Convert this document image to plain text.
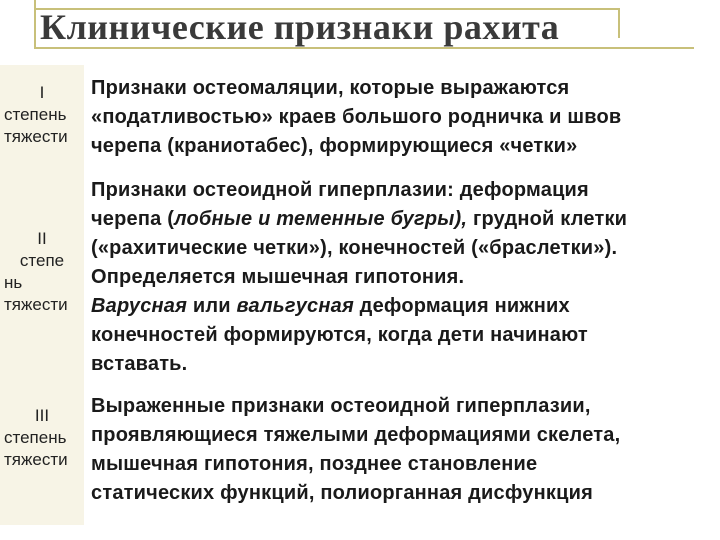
Клинические признаки рахита
I
степень
тяжести
Признаки остеомаляции, которые выражаются
«податливостью» краев большого родничка и швов
черепа (краниотабес), формирующиеся «четки»
II
степе
нь
тяжести
Признаки остеоидной гиперплазии: деформация
черепа (лобные и теменные бугры), грудной клетки
(«рахитические четки»), конечностей («браслетки»).
Определяется мышечная гипотония.
Варусная или вальгусная деформация нижних
конечностей формируются, когда дети начинают
вставать.
III
степень
тяжести
Выраженные признаки остеоидной гиперплазии,
проявляющиеся тяжелыми деформациями скелета,
мышечная гипотония, позднее становление
статических функций, полиорганная дисфункция
